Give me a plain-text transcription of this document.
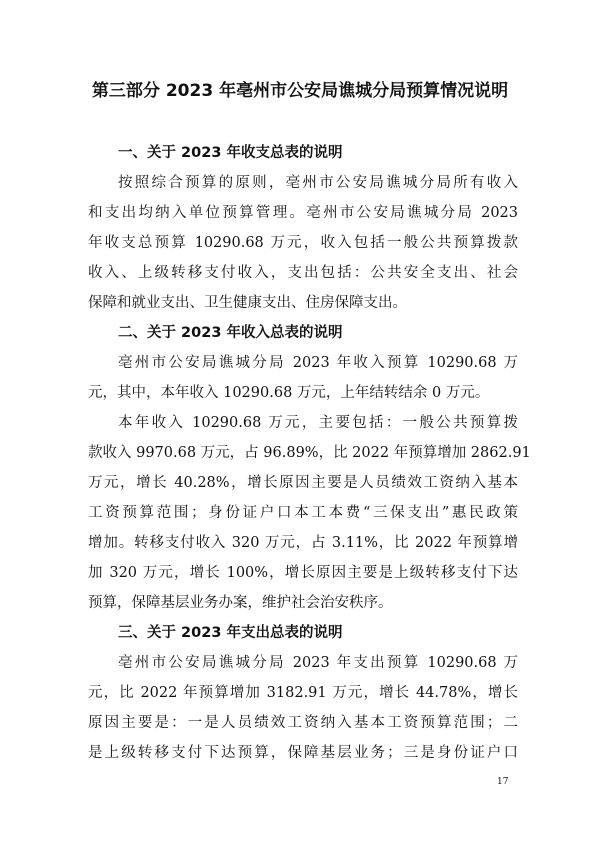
第三部分 2023 年亳州市公安局谯城分局预算情况说明
一、关于 2023 年收支总表的说明
按照综合预算的原则，亳州市公安局谯城分局所有收入
和支出均纳入单位预算管理。亳州市公安局谯城分局 2023
年收支总预算 10290.68 万元，收入包括一般公共预算拨款
收入、上级转移支付收入，支出包括：公共安全支出、社会
保障和就业支出、卫生健康支出、住房保障支出。
二、关于 2023 年收入总表的说明
亳州市公安局谯城分局 2023 年收入预算 10290.68 万
元，其中，本年收入 10290.68 万元，上年结转结余 0 万元。
本年收入 10290.68 万元，主要包括：一般公共预算拨
款收入 9970.68 万元，占 96.89%，比 2022 年预算增加 2862.91
万元，增长 40.28%，增长原因主要是人员绩效工资纳入基本
工资预算范围；身份证户口本工本费“三保支出”惠民政策
增加。转移支付收入 320 万元，占 3.11%，比 2022 年预算增
加 320 万元，增长 100%，增长原因主要是上级转移支付下达
预算，保障基层业务办案，维护社会治安秩序。
三、关于 2023 年支出总表的说明
亳州市公安局谯城分局 2023 年支出预算 10290.68 万
元，比 2022 年预算增加 3182.91 万元，增长 44.78%，增长
原因主要是：一是人员绩效工资纳入基本工资预算范围；二
是上级转移支付下达预算，保障基层业务；三是身份证户口
17
